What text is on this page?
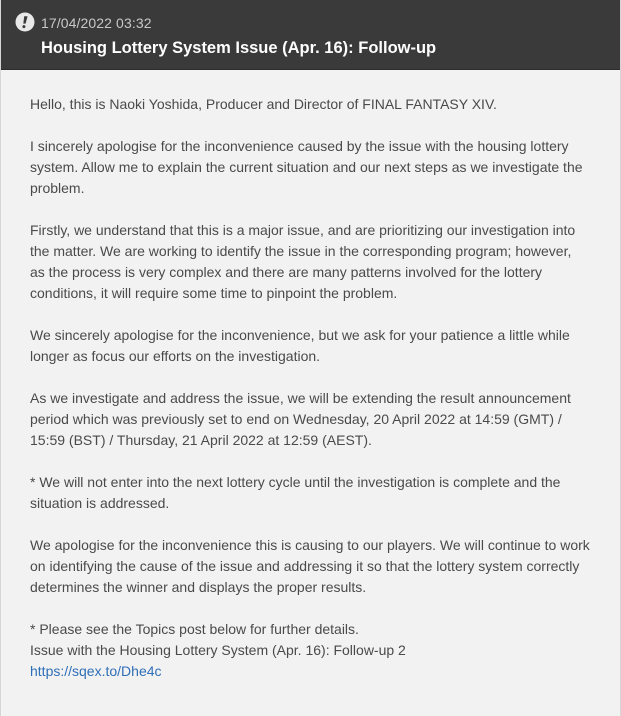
17/04/2022 03:32
Housing Lottery System Issue (Apr. 16): Follow-up

Hello, this is Naoki Yoshida, Producer and Director of FINAL FANTASY XIV.

I sincerely apologise for the inconvenience caused by the issue with the housing lottery system. Allow me to explain the current situation and our next steps as we investigate the problem.

Firstly, we understand that this is a major issue, and are prioritizing our investigation into the matter. We are working to identify the issue in the corresponding program; however, as the process is very complex and there are many patterns involved for the lottery conditions, it will require some time to pinpoint the problem.

We sincerely apologise for the inconvenience, but we ask for your patience a little while longer as focus our efforts on the investigation.

As we investigate and address the issue, we will be extending the result announcement period which was previously set to end on Wednesday, 20 April 2022 at 14:59 (GMT) / 15:59 (BST) / Thursday, 21 April 2022 at 12:59 (AEST).

* We will not enter into the next lottery cycle until the investigation is complete and the situation is addressed.

We apologise for the inconvenience this is causing to our players. We will continue to work on identifying the cause of the issue and addressing it so that the lottery system correctly determines the winner and displays the proper results.

* Please see the Topics post below for further details.
Issue with the Housing Lottery System (Apr. 16): Follow-up 2
https://sqex.to/Dhe4c
